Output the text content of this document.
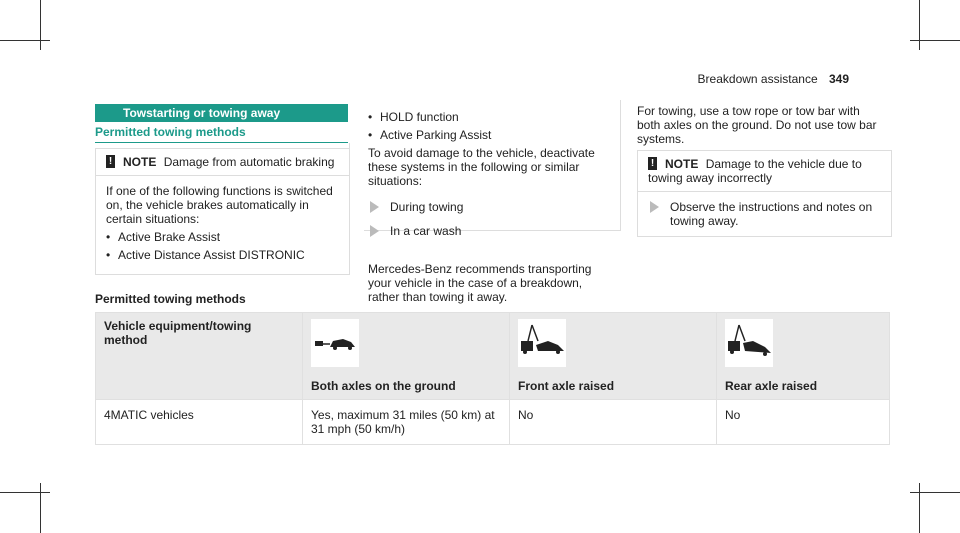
Breakdown assistance 349
Towstarting or towing away
Permitted towing methods
! NOTE Damage from automatic braking
If one of the following functions is switched on, the vehicle brakes automatically in certain situations:
• Active Brake Assist
• Active Distance Assist DISTRONIC
• HOLD function
• Active Parking Assist
To avoid damage to the vehicle, deactivate these systems in the following or similar situations:
During towing
In a car wash
Mercedes-Benz recommends transporting your vehicle in the case of a breakdown, rather than towing it away.
For towing, use a tow rope or tow bar with both axles on the ground. Do not use tow bar systems.
! NOTE Damage to the vehicle due to towing away incorrectly
Observe the instructions and notes on towing away.
Permitted towing methods
Vehicle equipment/towing method	Both axles on the ground	Front axle raised	Rear axle raised
4MATIC vehicles	Yes, maximum 31 miles (50 km) at 31 mph (50 km/h)	No	No
